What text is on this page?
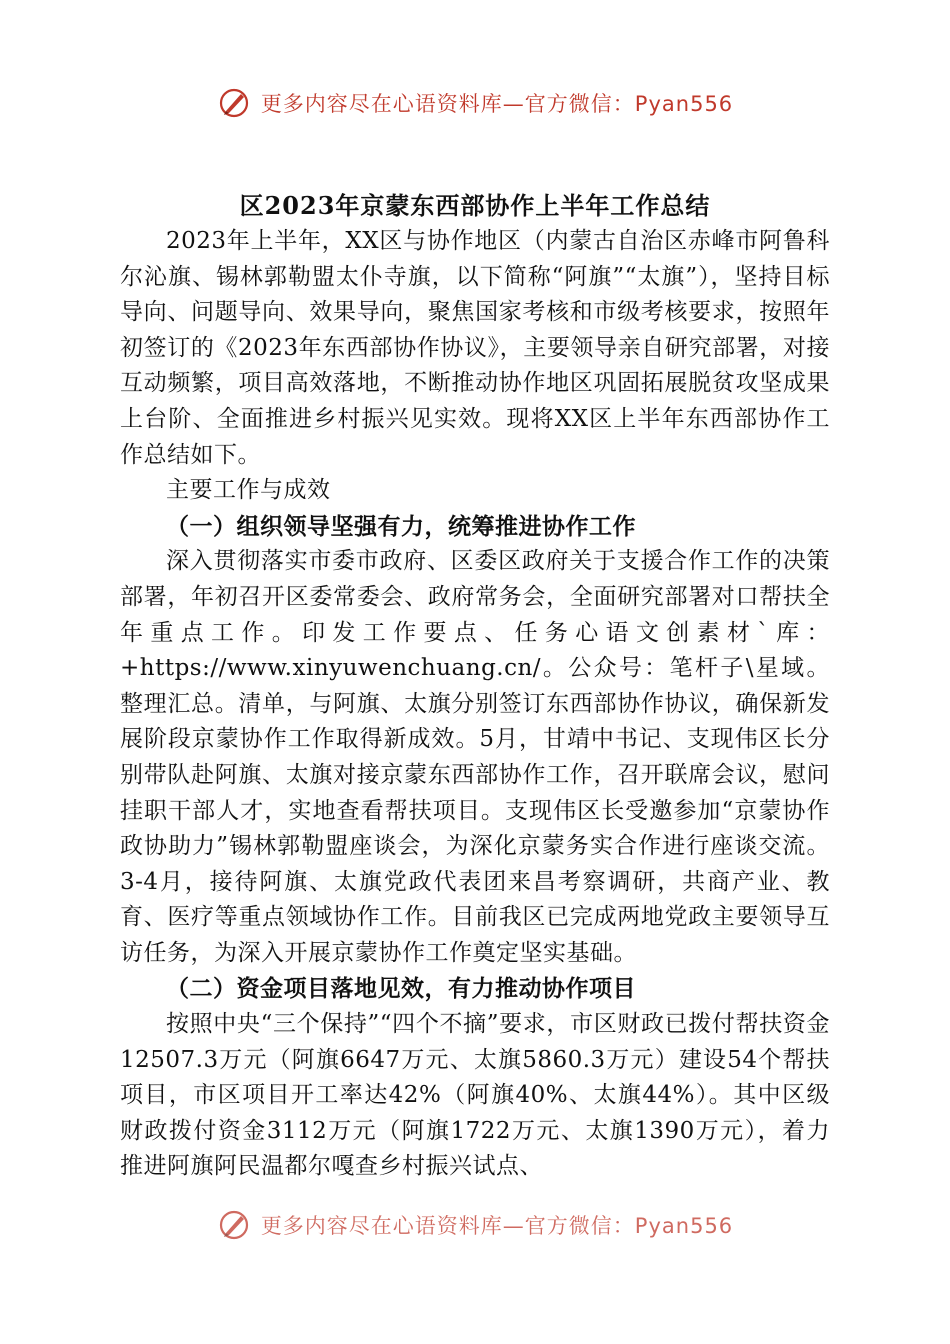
更多内容尽在心语资料库—官方微信：Pyan556
区2023年京蒙东西部协作上半年工作总结

2023年上半年，XX区与协作地区（内蒙古自治区赤峰市阿鲁科尔沁旗、锡林郭勒盟太仆寺旗，以下简称“阿旗”“太旗”），坚持目标导向、问题导向、效果导向，聚焦国家考核和市级考核要求，按照年初签订的《2023年东西部协作协议》，主要领导亲自研究部署，对接互动频繁，项目高效落地，不断推动协作地区巩固拓展脱贫攻坚成果上台阶、全面推进乡村振兴见实效。现将XX区上半年东西部协作工作总结如下。

主要工作与成效

（一）组织领导坚强有力，统筹推进协作工作

深入贯彻落实市委市政府、区委区政府关于支援合作工作的决策部署，年初召开区委常委会、政府常务会，全面研究部署对口帮扶全年重点工作。印发工作要点、任务心语文创素材`库：+https://www.xinyuwenchuang.cn/。公众号：笔杆子\星域。整理汇总。清单，与阿旗、太旗分别签订东西部协作协议，确保新发展阶段京蒙协作工作取得新成效。5月，甘靖中书记、支现伟区长分别带队赴阿旗、太旗对接京蒙东西部协作工作，召开联席会议，慰问挂职干部人才，实地查看帮扶项目。支现伟区长受邀参加“京蒙协作 政协助力”锡林郭勒盟座谈会，为深化京蒙务实合作进行座谈交流。3-4月，接待阿旗、太旗党政代表团来昌考察调研，共商产业、教育、医疗等重点领域协作工作。目前我区已完成两地党政主要领导互访任务，为深入开展京蒙协作工作奠定坚实基础。

（二）资金项目落地见效，有力推动协作项目

按照中央“三个保持”“四个不摘”要求，市区财政已拨付帮扶资金12507.3万元（阿旗6647万元、太旗5860.3万元）建设54个帮扶项目，市区项目开工率达42%（阿旗40%、太旗44%）。其中区级财政拨付资金3112万元（阿旗1722万元、太旗1390万元），着力推进阿旗阿民温都尔嘎查乡村振兴试点、

更多内容尽在心语资料库—官方微信：Pyan556
